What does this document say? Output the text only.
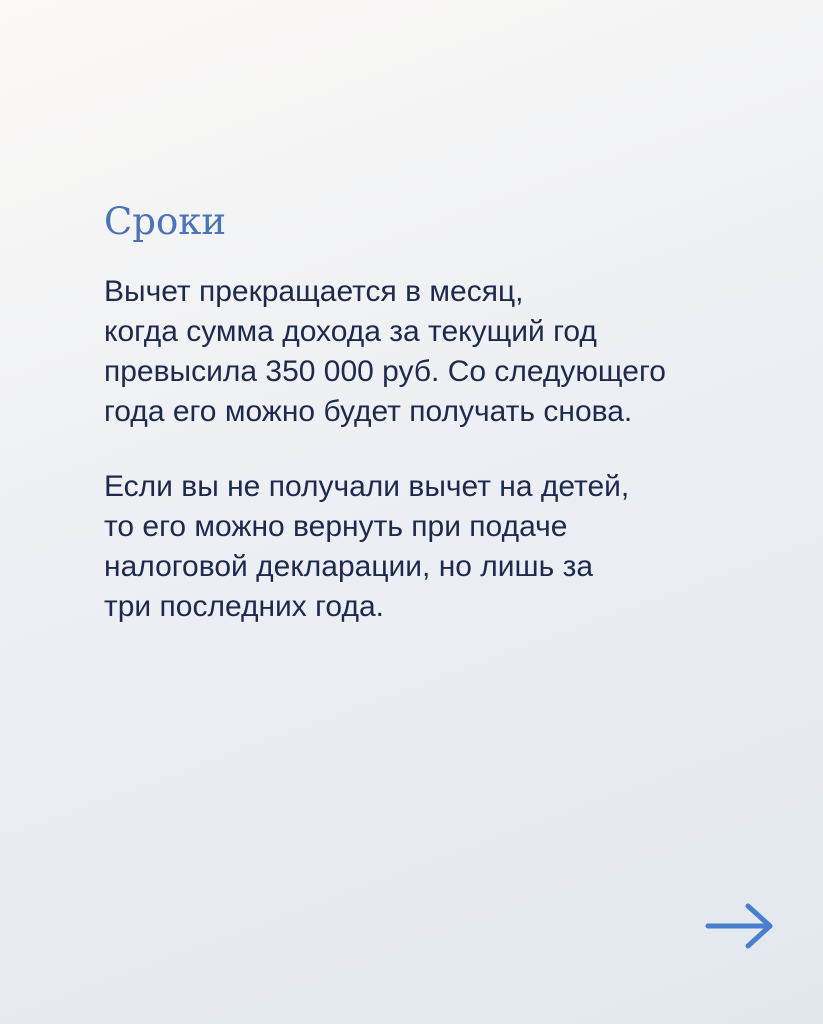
Сроки

Вычет прекращается в месяц,
когда сумма дохода за текущий год
превысила 350 000 руб. Со следующего
года его можно будет получать снова.

Если вы не получали вычет на детей,
то его можно вернуть при подаче
налоговой декларации, но лишь за
три последних года.
